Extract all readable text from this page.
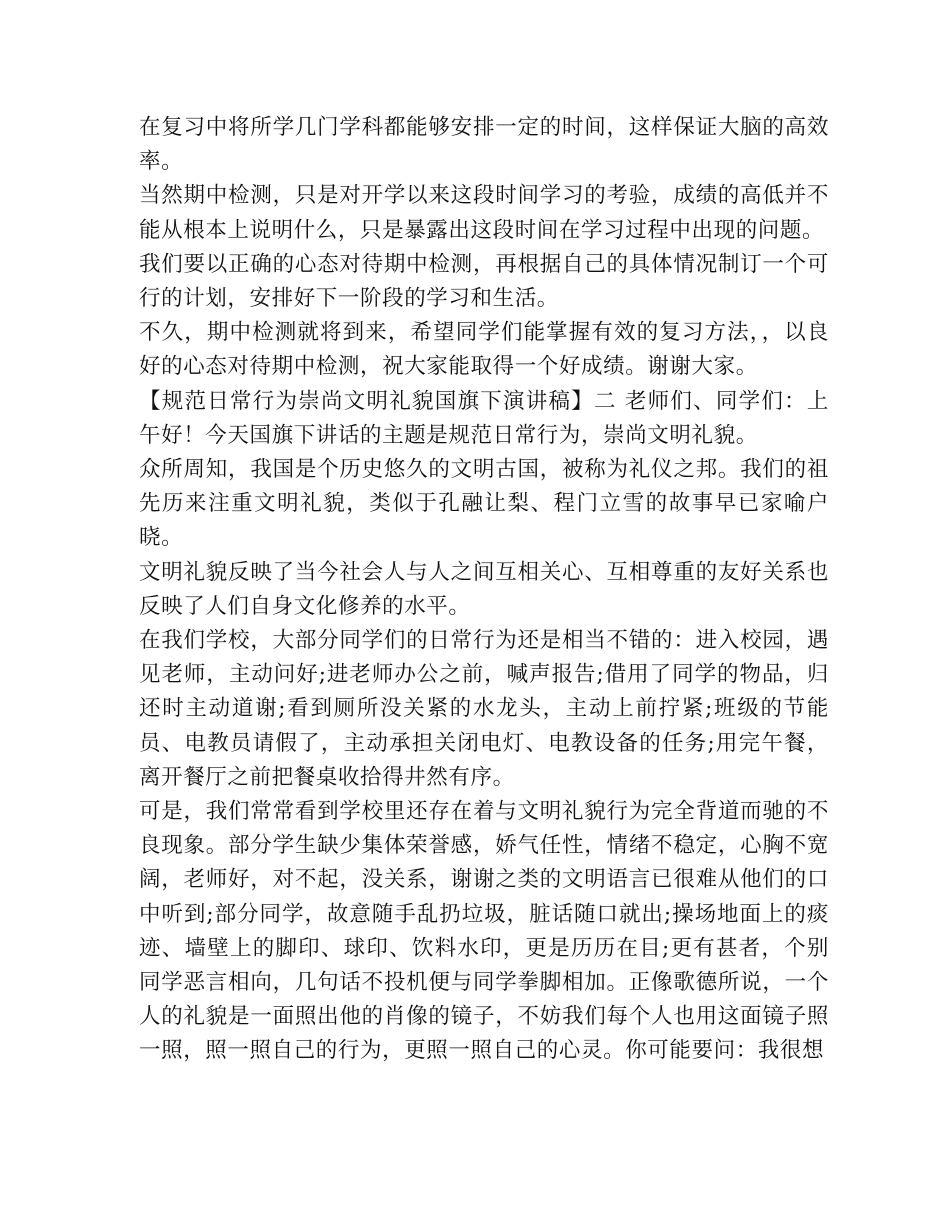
在复习中将所学几门学科都能够安排一定的时间，这样保证大脑的高效率。

当然期中检测，只是对开学以来这段时间学习的考验，成绩的高低并不能从根本上说明什么，只是暴露出这段时间在学习过程中出现的问题。

我们要以正确的心态对待期中检测，再根据自己的具体情况制订一个可行的计划，安排好下一阶段的学习和生活。

不久，期中检测就将到来，希望同学们能掌握有效的复习方法，，以良好的心态对待期中检测，祝大家能取得一个好成绩。谢谢大家。

【规范日常行为崇尚文明礼貌国旗下演讲稿】二 老师们、同学们：上午好！今天国旗下讲话的主题是规范日常行为，崇尚文明礼貌。

众所周知，我国是个历史悠久的文明古国，被称为礼仪之邦。我们的祖先历来注重文明礼貌，类似于孔融让梨、程门立雪的故事早已家喻户晓。

文明礼貌反映了当今社会人与人之间互相关心、互相尊重的友好关系也反映了人们自身文化修养的水平。

在我们学校，大部分同学们的日常行为还是相当不错的：进入校园，遇见老师，主动问好;进老师办公之前，喊声报告;借用了同学的物品，归还时主动道谢;看到厕所没关紧的水龙头，主动上前拧紧;班级的节能员、电教员请假了，主动承担关闭电灯、电教设备的任务;用完午餐，离开餐厅之前把餐桌收拾得井然有序。

可是，我们常常看到学校里还存在着与文明礼貌行为完全背道而驰的不良现象。部分学生缺少集体荣誉感，娇气任性，情绪不稳定，心胸不宽阔，老师好，对不起，没关系，谢谢之类的文明语言已很难从他们的口中听到;部分同学，故意随手乱扔垃圾，脏话随口就出;操场地面上的痰迹、墙壁上的脚印、球印、饮料水印，更是历历在目;更有甚者，个别同学恶言相向，几句话不投机便与同学拳脚相加。正像歌德所说，一个人的礼貌是一面照出他的肖像的镜子，不妨我们每个人也用这面镜子照一照，照一照自己的行为，更照一照自己的心灵。你可能要问：我很想
